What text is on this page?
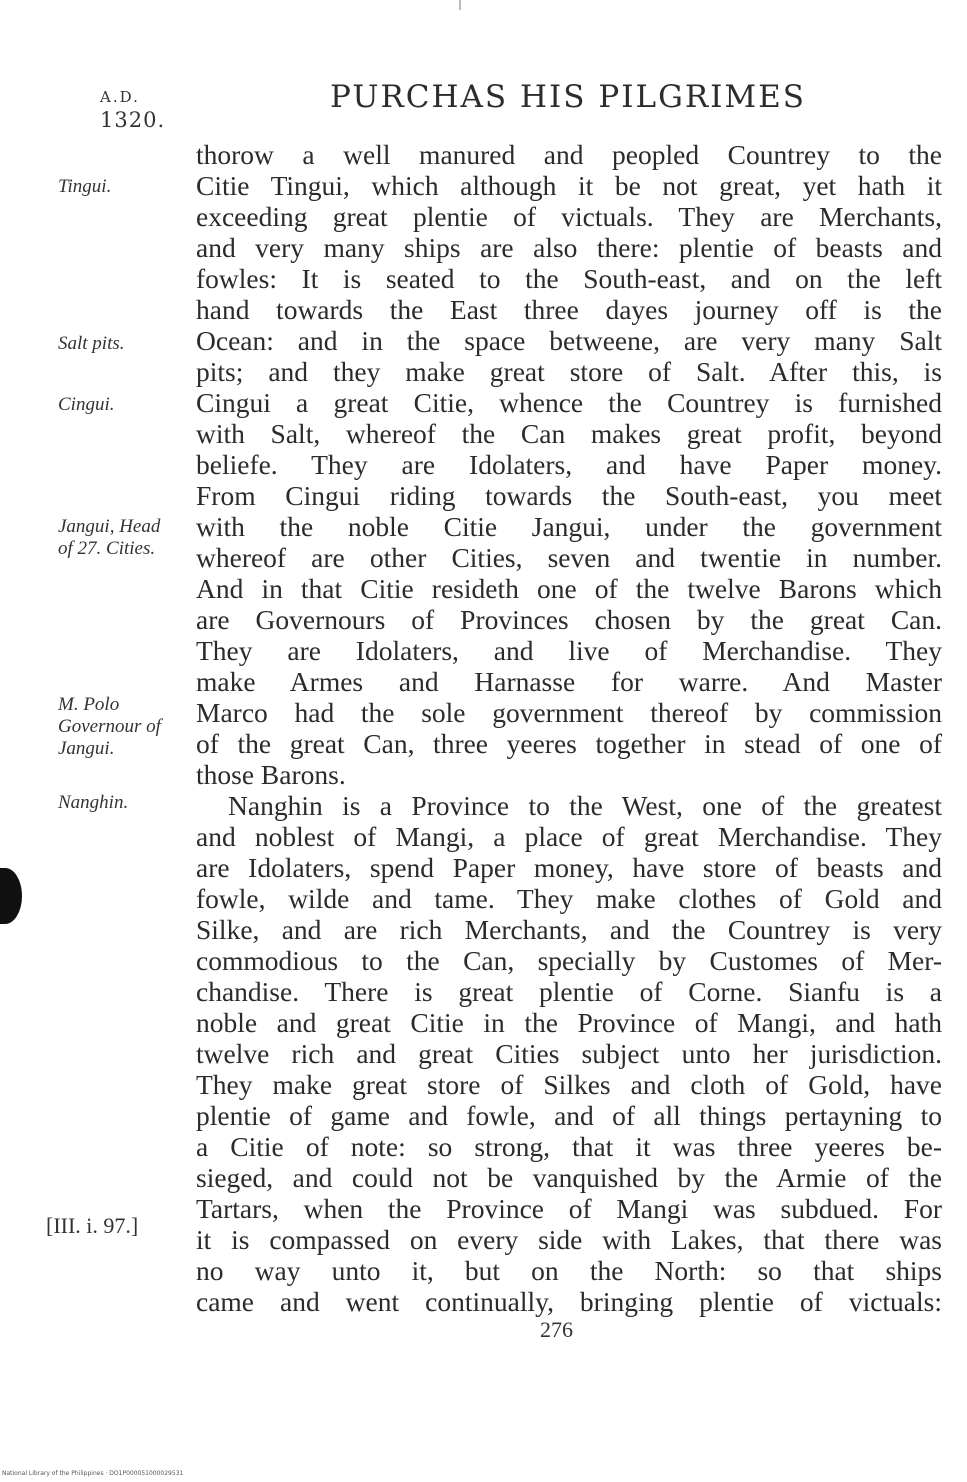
A.D.
1320.
PURCHAS HIS PILGRIMES
Tingui.
Salt pits.
Cingui.
Jangui, Head
of 27. Cities.
M. Polo
Governour of
Jangui.
Nanghin.
[III. i. 97.]
thorow a well manured and peopled Countrey to the
Citie Tingui, which although it be not great, yet hath it
exceeding great plentie of victuals. They are Merchants,
and very many ships are also there: plentie of beasts and
fowles: It is seated to the South-east, and on the left
hand towards the East three dayes journey off is the
Ocean: and in the space betweene, are very many Salt
pits; and they make great store of Salt. After this, is
Cingui a great Citie, whence the Countrey is furnished
with Salt, whereof the Can makes great profit, beyond
beliefe. They are Idolaters, and have Paper money.
From Cingui riding towards the South-east, you meet
with the noble Citie Jangui, under the government
whereof are other Cities, seven and twentie in number.
And in that Citie resideth one of the twelve Barons which
are Governours of Provinces chosen by the great Can.
They are Idolaters, and live of Merchandise. They
make Armes and Harnasse for warre. And Master
Marco had the sole government thereof by commission
of the great Can, three yeeres together in stead of one of
those Barons.
Nanghin is a Province to the West, one of the greatest
and noblest of Mangi, a place of great Merchandise. They
are Idolaters, spend Paper money, have store of beasts and
fowle, wilde and tame. They make clothes of Gold and
Silke, and are rich Merchants, and the Countrey is very
commodious to the Can, specially by Customes of Mer-
chandise. There is great plentie of Corne. Sianfu is a
noble and great Citie in the Province of Mangi, and hath
twelve rich and great Cities subject unto her jurisdiction.
They make great store of Silkes and cloth of Gold, have
plentie of game and fowle, and of all things pertayning to
a Citie of note: so strong, that it was three yeeres be-
sieged, and could not be vanquished by the Armie of the
Tartars, when the Province of Mangi was subdued. For
it is compassed on every side with Lakes, that there was
no way unto it, but on the North: so that ships
came and went continually, bringing plentie of victuals:
276
National Library of the Philippines · DO1P000051000029531
